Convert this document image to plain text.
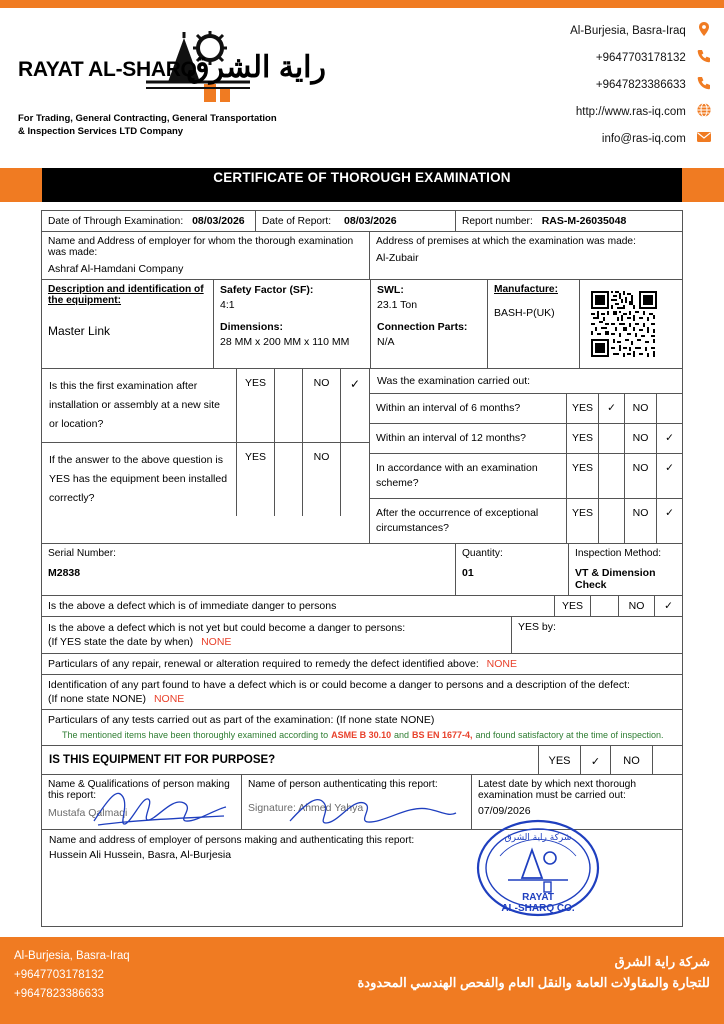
RAYAT AL-SHARQ
راية الشرق
For Trading, General Contracting, General Transportation
& Inspection Services LTD Company
Al-Burjesia, Basra-Iraq
+9647703178132
+9647823386633
http://www.ras-iq.com
info@ras-iq.com
CERTIFICATE OF THOROUGH EXAMINATION
This report complies with the Lifting Operation and Lifting Equipment Regulations
Date of Through Examination: 08/03/2026	Date of Report: 08/03/2026	Report number: RAS-M-26035048
Name and Address of employer for whom the thorough examination was made:
Ashraf Al-Hamdani Company
Address of premises at which the examination was made:
Al-Zubair
Description and identification of the equipment:
Master Link
Safety Factor (SF):
4:1
Dimensions:
28 MM x 200 MM x 110 MM
SWL:
23.1 Ton
Connection Parts:
N/A
Manufacture:
BASH-P(UK)
Is this the first examination after installation or assembly at a new site or location?
YES	NO	✓
If the answer to the above question is YES has the equipment been installed correctly?
YES	NO
Was the examination carried out:
Within an interval of 6 months?	YES	✓	NO
Within an interval of 12 months?	YES	NO	✓
In accordance with an examination scheme?
YES	NO	✓
After the occurrence of exceptional circumstances?
YES	NO	✓
Serial Number:
M2838
Quantity:
01
Inspection Method:
VT & Dimension Check
Is the above a defect which is of immediate danger to persons	YES	NO	✓
Is the above a defect which is not yet but could become a danger to persons:
(If YES state the date by when) NONE
YES by:
Particulars of any repair, renewal or alteration required to remedy the defect identified above: NONE
Identification of any part found to have a defect which is or could become a danger to persons and a description of the defect:
(If none state NONE) NONE
Particulars of any tests carried out as part of the examination: (If none state NONE)
The mentioned items have been thoroughly examined according to ASME B 30.10 and BS EN 1677-4, and found satisfactory at the time of inspection.
IS THIS EQUIPMENT FIT FOR PURPOSE?	YES	✓	NO
Name & Qualifications of person making this report:
Mustafa Qalmaqi
Name of person authenticating this report:
Signature: Ahmed Yahya
Latest date by which next thorough examination must be carried out:
07/09/2026
Name and address of employer of persons making and authenticating this report:
Hussein Ali Hussein, Basra, Al-Burjesia
شركة راية الشرق
RAYAT
AL-SHARQ CO.
Al-Burjesia, Basra-Iraq
+9647703178132
+9647823386633
شركة راية الشرق
للتجارة والمقاولات العامة والنقل العام والفحص الهندسي المحدودة
